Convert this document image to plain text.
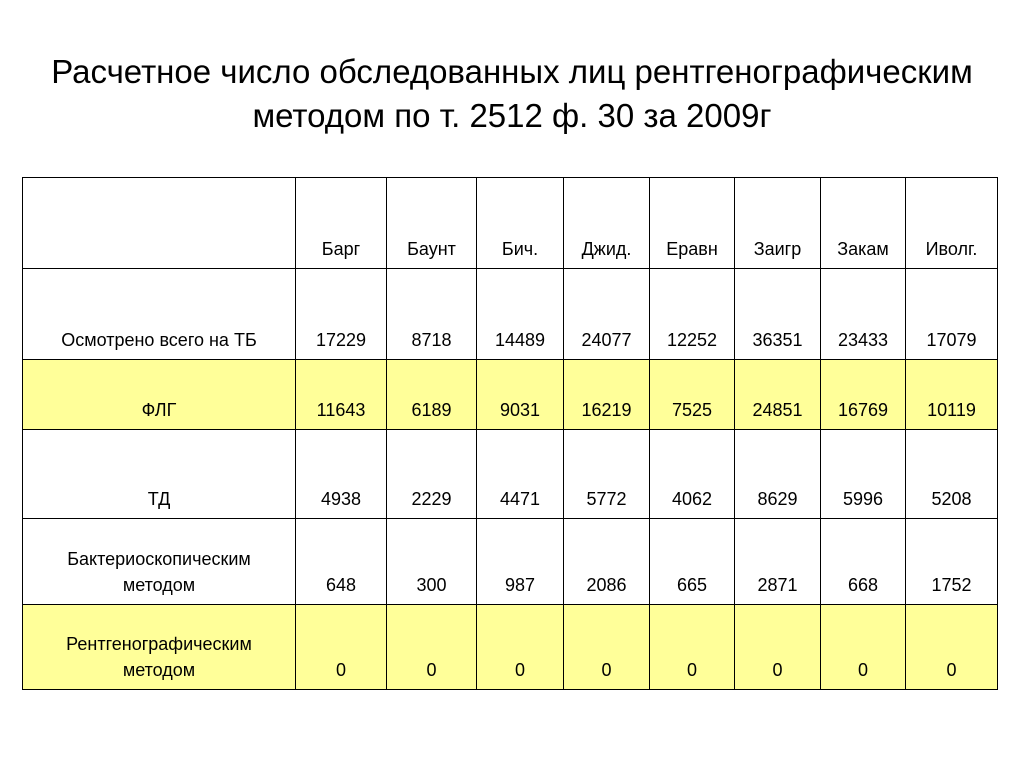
Расчетное число обследованных лиц рентгенографическим
методом по т. 2512 ф. 30 за 2009г
	Барг	Баунт	Бич.	Джид.	Еравн	Заигр	Закам	Иволг.
Осмотрено всего на ТБ	17229	8718	14489	24077	12252	36351	23433	17079
ФЛГ	11643	6189	9031	16219	7525	24851	16769	10119
ТД	4938	2229	4471	5772	4062	8629	5996	5208
Бактериоскопическим
методом	648	300	987	2086	665	2871	668	1752
Рентгенографическим
методом	0	0	0	0	0	0	0	0
